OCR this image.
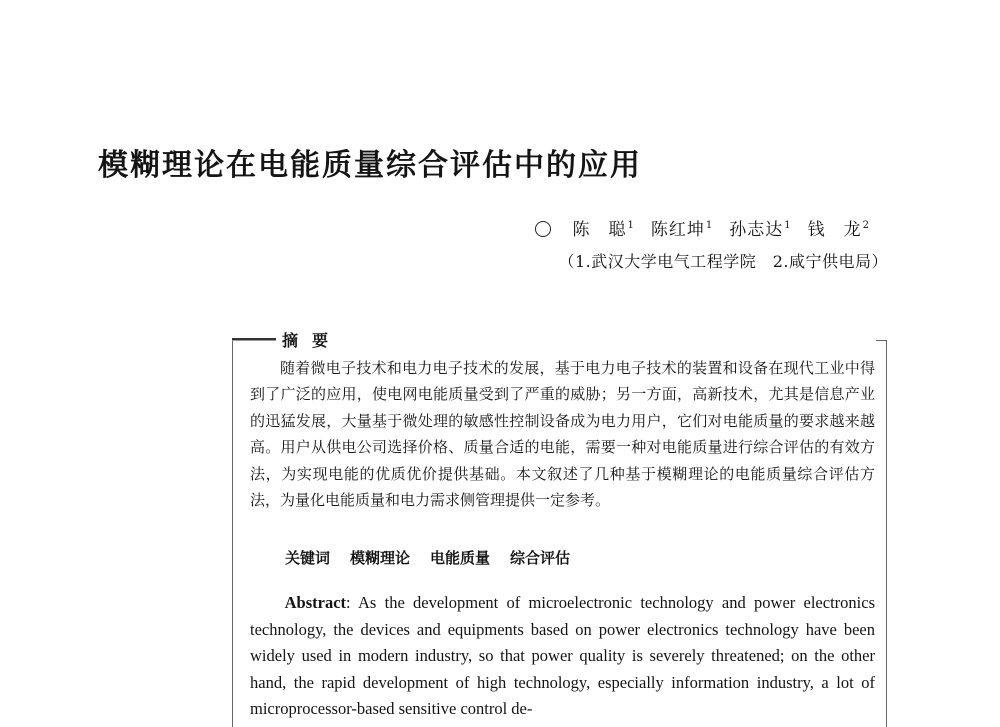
模糊理论在电能质量综合评估中的应用
陈　聪$^1$ 陈红坤$^1$ 孙志达$^1$ 钱　龙$^2$
（1.武汉大学电气工程学院　2.咸宁供电局）
摘要
随着微电子技术和电力电子技术的发展，基于电力电子技术的装置和设备在现代工业中得到了广泛的应用，使电网电能质量受到了严重的威胁；另一方面，高新技术，尤其是信息产业的迅猛发展，大量基于微处理的敏感性控制设备成为电力用户，它们对电能质量的要求越来越高。用户从供电公司选择价格、质量合适的电能，需要一种对电能质量进行综合评估的有效方法，为实现电能的优质优价提供基础。本文叙述了几种基于模糊理论的电能质量综合评估方法，为量化电能质量和电力需求侧管理提供一定参考。
关键词 模糊理论 电能质量 综合评估
Abstract: As the development of microelectronic technology and power electronics technology, the devices and equipments based on power electronics technology have been widely used in modern industry, so that power quality is severely threatened; on the other hand, the rapid development of high technology, especially information industry, a lot of microprocessor-based sensitive control de-
